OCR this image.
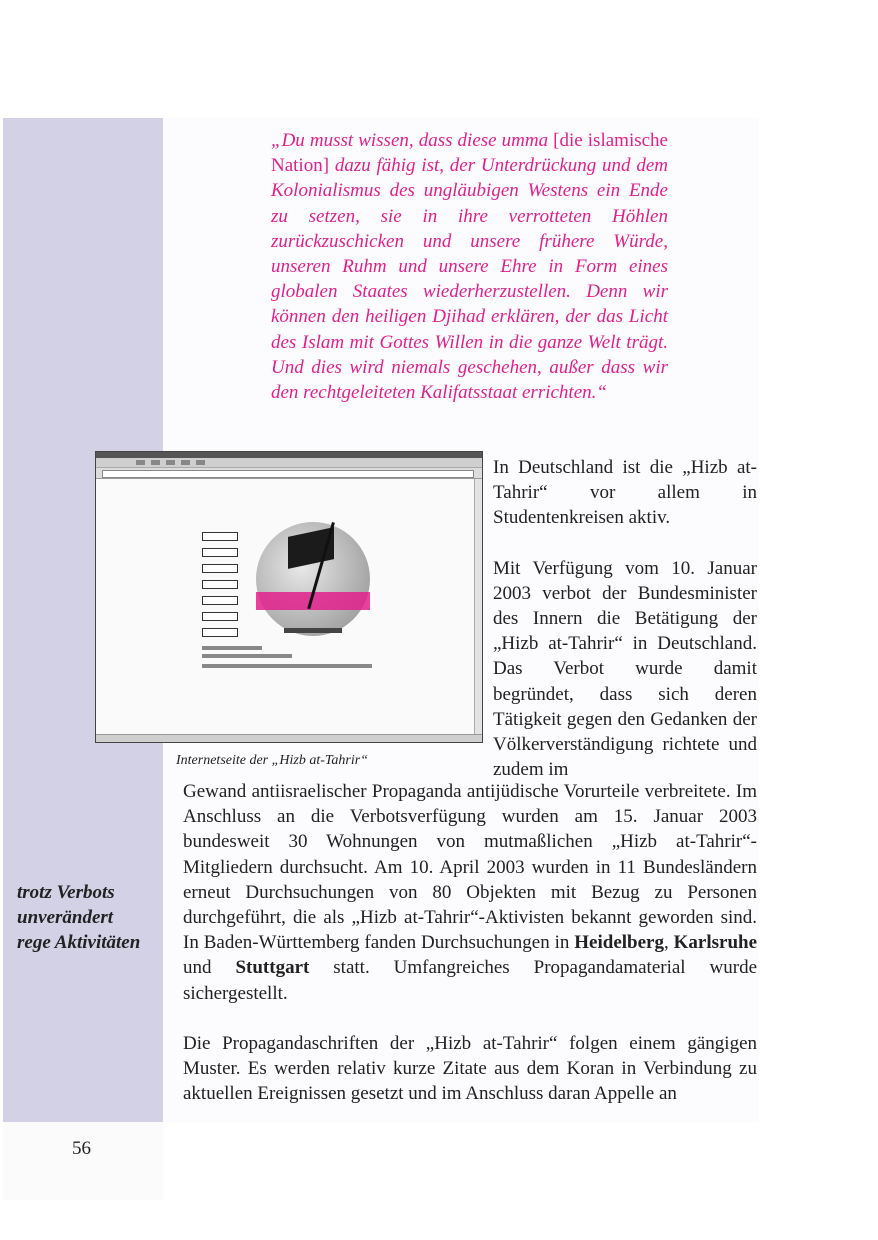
56
„Du musst wissen, dass diese umma [die islamische Nation] dazu fähig ist, der Unterdrückung und dem Kolonialismus des ungläubigen Westens ein Ende zu setzen, sie in ihre verrotteten Höhlen zurückzuschicken und unsere frühere Würde, unseren Ruhm und unsere Ehre in Form eines globalen Staates wiederherzustellen. Denn wir können den heiligen Djihad erklären, der das Licht des Islam mit Gottes Willen in die ganze Welt trägt. Und dies wird niemals geschehen, außer dass wir den rechtgeleiteten Kalifatsstaat errichten.“
Internetseite der „Hizb at-Tahrir“

In Deutschland ist die „Hizb at-Tahrir“ vor allem in Studentenkreisen aktiv.

Mit Verfügung vom 10. Januar 2003 verbot der Bundesminister des Innern die Betätigung der „Hizb at-Tahrir“ in Deutschland. Das Verbot wurde damit begründet, dass sich deren Tätigkeit gegen den Gedanken der Völkerverständigung richtete und zudem im

Gewand antiisraelischer Propaganda antijüdische Vorurteile verbreitete. Im Anschluss an die Verbotsverfügung wurden am 15. Januar 2003 bundesweit 30 Wohnungen von mutmaßlichen „Hizb at-Tahrir“-Mitgliedern durchsucht. Am 10. April 2003 wurden in 11 Bundesländern erneut Durchsuchungen von 80 Objekten mit Bezug zu Personen durchgeführt, die als „Hizb at-Tahrir“-Aktivisten bekannt geworden sind. In Baden-Württemberg fanden Durchsuchungen in Heidelberg, Karlsruhe und Stuttgart statt. Umfangreiches Propagandamaterial wurde sichergestellt.

Die Propagandaschriften der „Hizb at-Tahrir“ folgen einem gängigen Muster. Es werden relativ kurze Zitate aus dem Koran in Verbindung zu aktuellen Ereignissen gesetzt und im Anschluss daran Appelle an

trotz Verbots
unverändert
rege Aktivitäten
